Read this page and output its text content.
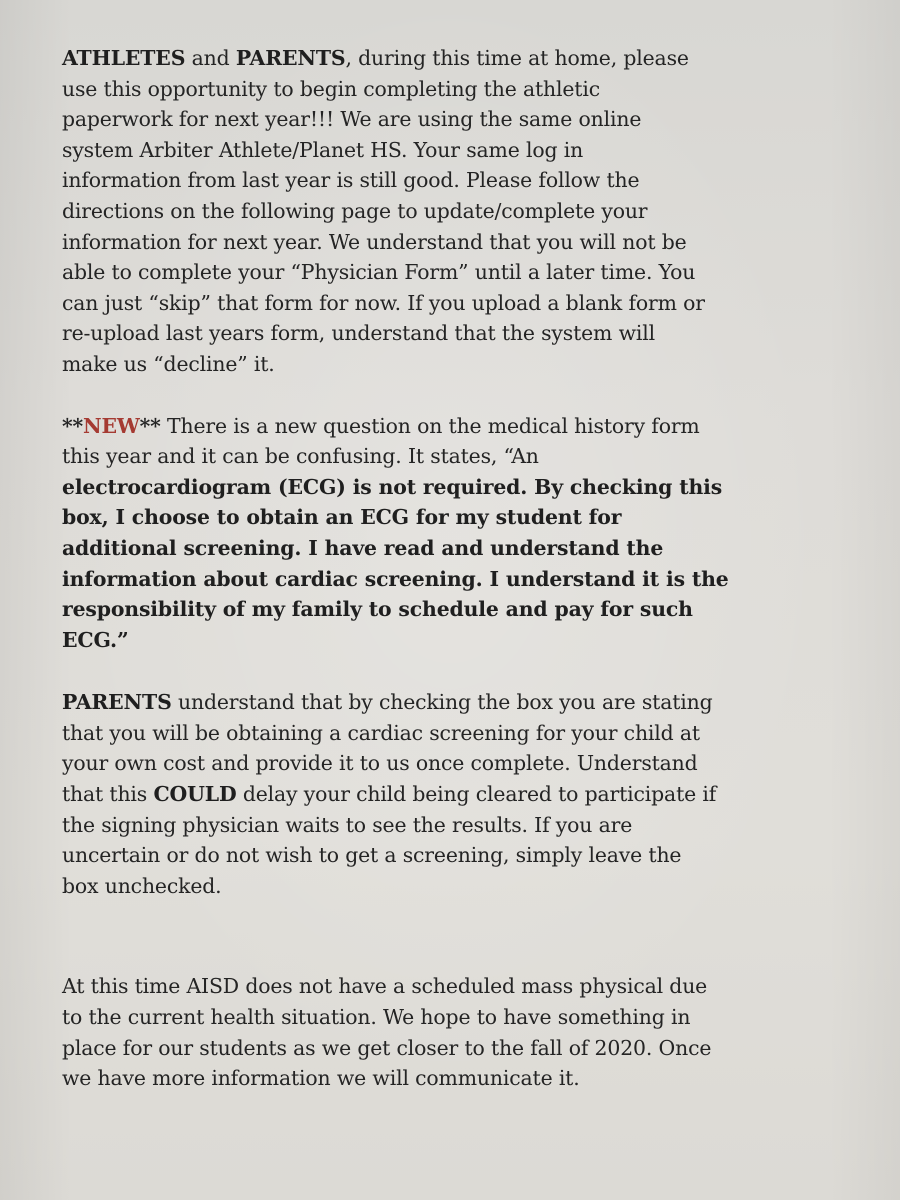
ATHLETES and PARENTS, during this time at home, please
use this opportunity to begin completing the athletic
paperwork for next year!!! We are using the same online
system Arbiter Athlete/Planet HS. Your same log in
information from last year is still good. Please follow the
directions on the following page to update/complete your
information for next year. We understand that you will not be
able to complete your “Physician Form” until a later time. You
can just “skip” that form for now. If you upload a blank form or
re-upload last years form, understand that the system will
make us “decline” it.
**NEW** There is a new question on the medical history form
this year and it can be confusing. It states, “An
electrocardiogram (ECG) is not required. By checking this
box, I choose to obtain an ECG for my student for
additional screening. I have read and understand the
information about cardiac screening. I understand it is the
responsibility of my family to schedule and pay for such
ECG.”
PARENTS understand that by checking the box you are stating
that you will be obtaining a cardiac screening for your child at
your own cost and provide it to us once complete. Understand
that this COULD delay your child being cleared to participate if
the signing physician waits to see the results. If you are
uncertain or do not wish to get a screening, simply leave the
box unchecked.
At this time AISD does not have a scheduled mass physical due
to the current health situation. We hope to have something in
place for our students as we get closer to the fall of 2020. Once
we have more information we will communicate it.
